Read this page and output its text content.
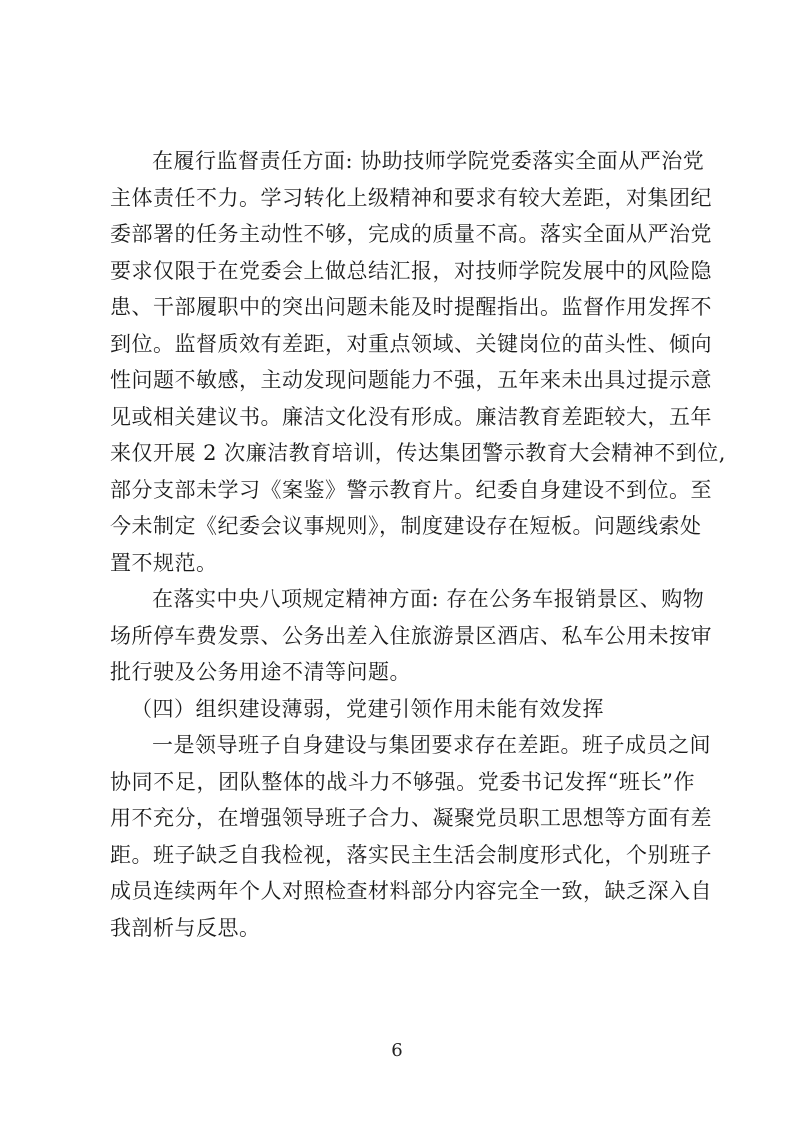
在履行监督责任方面: 协助技师学院党委落实全面从严治党
主体责任不力。学习转化上级精神和要求有较大差距，对集团纪
委部署的任务主动性不够，完成的质量不高。落实全面从严治党
要求仅限于在党委会上做总结汇报，对技师学院发展中的风险隐
患、干部履职中的突出问题未能及时提醒指出。监督作用发挥不
到位。监督质效有差距，对重点领域、关键岗位的苗头性、倾向
性问题不敏感，主动发现问题能力不强，五年来未出具过提示意
见或相关建议书。廉洁文化没有形成。廉洁教育差距较大，五年
来仅开展 2 次廉洁教育培训，传达集团警示教育大会精神不到位,
部分支部未学习《案鉴》警示教育片。纪委自身建设不到位。至
今未制定《纪委会议事规则》，制度建设存在短板。问题线索处
置不规范。
在落实中央八项规定精神方面: 存在公务车报销景区、购物
场所停车费发票、公务出差入住旅游景区酒店、私车公用未按审
批行驶及公务用途不清等问题。
（四）组织建设薄弱，党建引领作用未能有效发挥
一是领导班子自身建设与集团要求存在差距。班子成员之间
协同不足，团队整体的战斗力不够强。党委书记发挥“班长”作
用不充分，在增强领导班子合力、凝聚党员职工思想等方面有差
距。班子缺乏自我检视，落实民主生活会制度形式化，个别班子
成员连续两年个人对照检查材料部分内容完全一致，缺乏深入自
我剖析与反思。
6
